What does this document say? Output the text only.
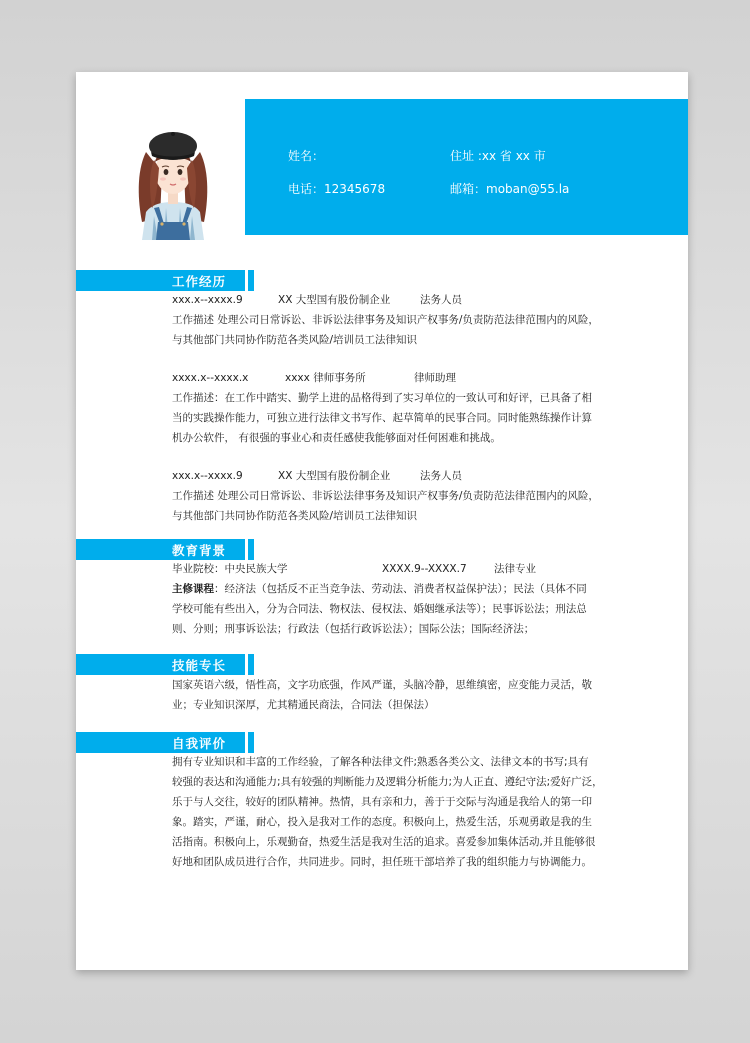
姓名：	住址 :xx 省 xx 市
电话：12345678	邮箱：moban@55.la
工作经历
xxx.x--xxxx.9	XX 大型国有股份制企业	法务人员

工作描述 处理公司日常诉讼、非诉讼法律事务及知识产权事务/负责防范法律范围内的风险，

与其他部门共同协作防范各类风险/培训员工法律知识

xxxx.x--xxxx.x	xxxx 律师事务所	律师助理

工作描述：在工作中踏实、勤学上进的品格得到了实习单位的一致认可和好评，已具备了相

当的实践操作能力，可独立进行法律文书写作、起草简单的民事合同。同时能熟练操作计算

机办公软件， 有很强的事业心和责任感使我能够面对任何困难和挑战。

xxx.x--xxxx.9	XX 大型国有股份制企业	法务人员

工作描述 处理公司日常诉讼、非诉讼法律事务及知识产权事务/负责防范法律范围内的风险，

与其他部门共同协作防范各类风险/培训员工法律知识

教育背景
毕业院校：中央民族大学	XXXX.9--XXXX.7	法律专业

主修课程：经济法（包括反不正当竞争法、劳动法、消费者权益保护法）；民法（具体不同

学校可能有些出入，分为合同法、物权法、侵权法、婚姻继承法等）；民事诉讼法；刑法总

则、分则；刑事诉讼法；行政法（包括行政诉讼法）；国际公法；国际经济法；

技能专长

国家英语六级，悟性高，文字功底强，作风严谨，头脑冷静，思维缜密，应变能力灵活，敬

业；专业知识深厚，尤其精通民商法，合同法（担保法）

自我评价

拥有专业知识和丰富的工作经验，了解各种法律文件;熟悉各类公文、法律文本的书写;具有

较强的表达和沟通能力;具有较强的判断能力及逻辑分析能力;为人正直、遵纪守法;爱好广泛，

乐于与人交往，较好的团队精神。热情，具有亲和力，善于于交际与沟通是我给人的第一印

象。踏实，严谨，耐心，投入是我对工作的态度。积极向上，热爱生活，乐观勇敢是我的生

活指南。积极向上，乐观勤奋，热爱生活是我对生活的追求。喜爱参加集体活动,并且能够很

好地和团队成员进行合作，共同进步。同时，担任班干部培养了我的组织能力与协调能力。
